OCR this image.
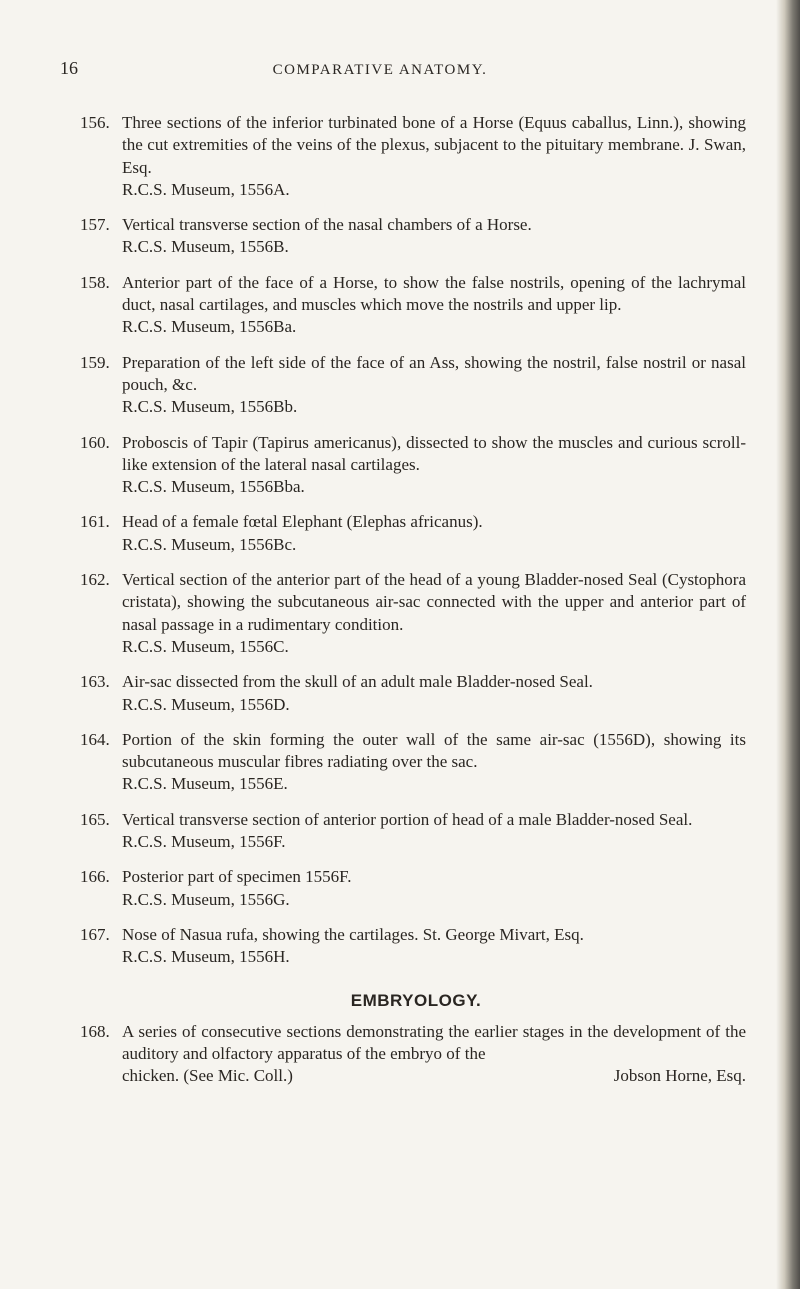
16	COMPARATIVE ANATOMY.
156. Three sections of the inferior turbinated bone of a Horse (Equus caballus, Linn.), showing the cut extremities of the veins of the plexus, subjacent to the pituitary membrane. J. Swan, Esq.
R.C.S. Museum, 1556A.
157. Vertical transverse section of the nasal chambers of a Horse.
R.C.S. Museum, 1556B.
158. Anterior part of the face of a Horse, to show the false nostrils, opening of the lachrymal duct, nasal cartilages, and muscles which move the nostrils and upper lip.
R.C.S. Museum, 1556Ba.
159. Preparation of the left side of the face of an Ass, showing the nostril, false nostril or nasal pouch, &c.
R.C.S. Museum, 1556Bb.
160. Proboscis of Tapir (Tapirus americanus), dissected to show the muscles and curious scroll-like extension of the lateral nasal cartilages.
R.C.S. Museum, 1556Bba.
161. Head of a female fœtal Elephant (Elephas africanus).
R.C.S. Museum, 1556Bc.
162. Vertical section of the anterior part of the head of a young Bladder-nosed Seal (Cystophora cristata), showing the subcutaneous air-sac connected with the upper and anterior part of nasal passage in a rudimentary condition.
R.C.S. Museum, 1556C.
163. Air-sac dissected from the skull of an adult male Bladder-nosed Seal.
R.C.S. Museum, 1556D.
164. Portion of the skin forming the outer wall of the same air-sac (1556D), showing its subcutaneous muscular fibres radiating over the sac.
R.C.S. Museum, 1556E.
165. Vertical transverse section of anterior portion of head of a male Bladder-nosed Seal.
R.C.S. Museum, 1556F.
166. Posterior part of specimen 1556F.
R.C.S. Museum, 1556G.
167. Nose of Nasua rufa, showing the cartilages. St. George Mivart, Esq.
R.C.S. Museum, 1556H.
EMBRYOLOGY.
168. A series of consecutive sections demonstrating the earlier stages in the development of the auditory and olfactory apparatus of the embryo of the
chicken. (See Mic. Coll.)	Jobson Horne, Esq.
